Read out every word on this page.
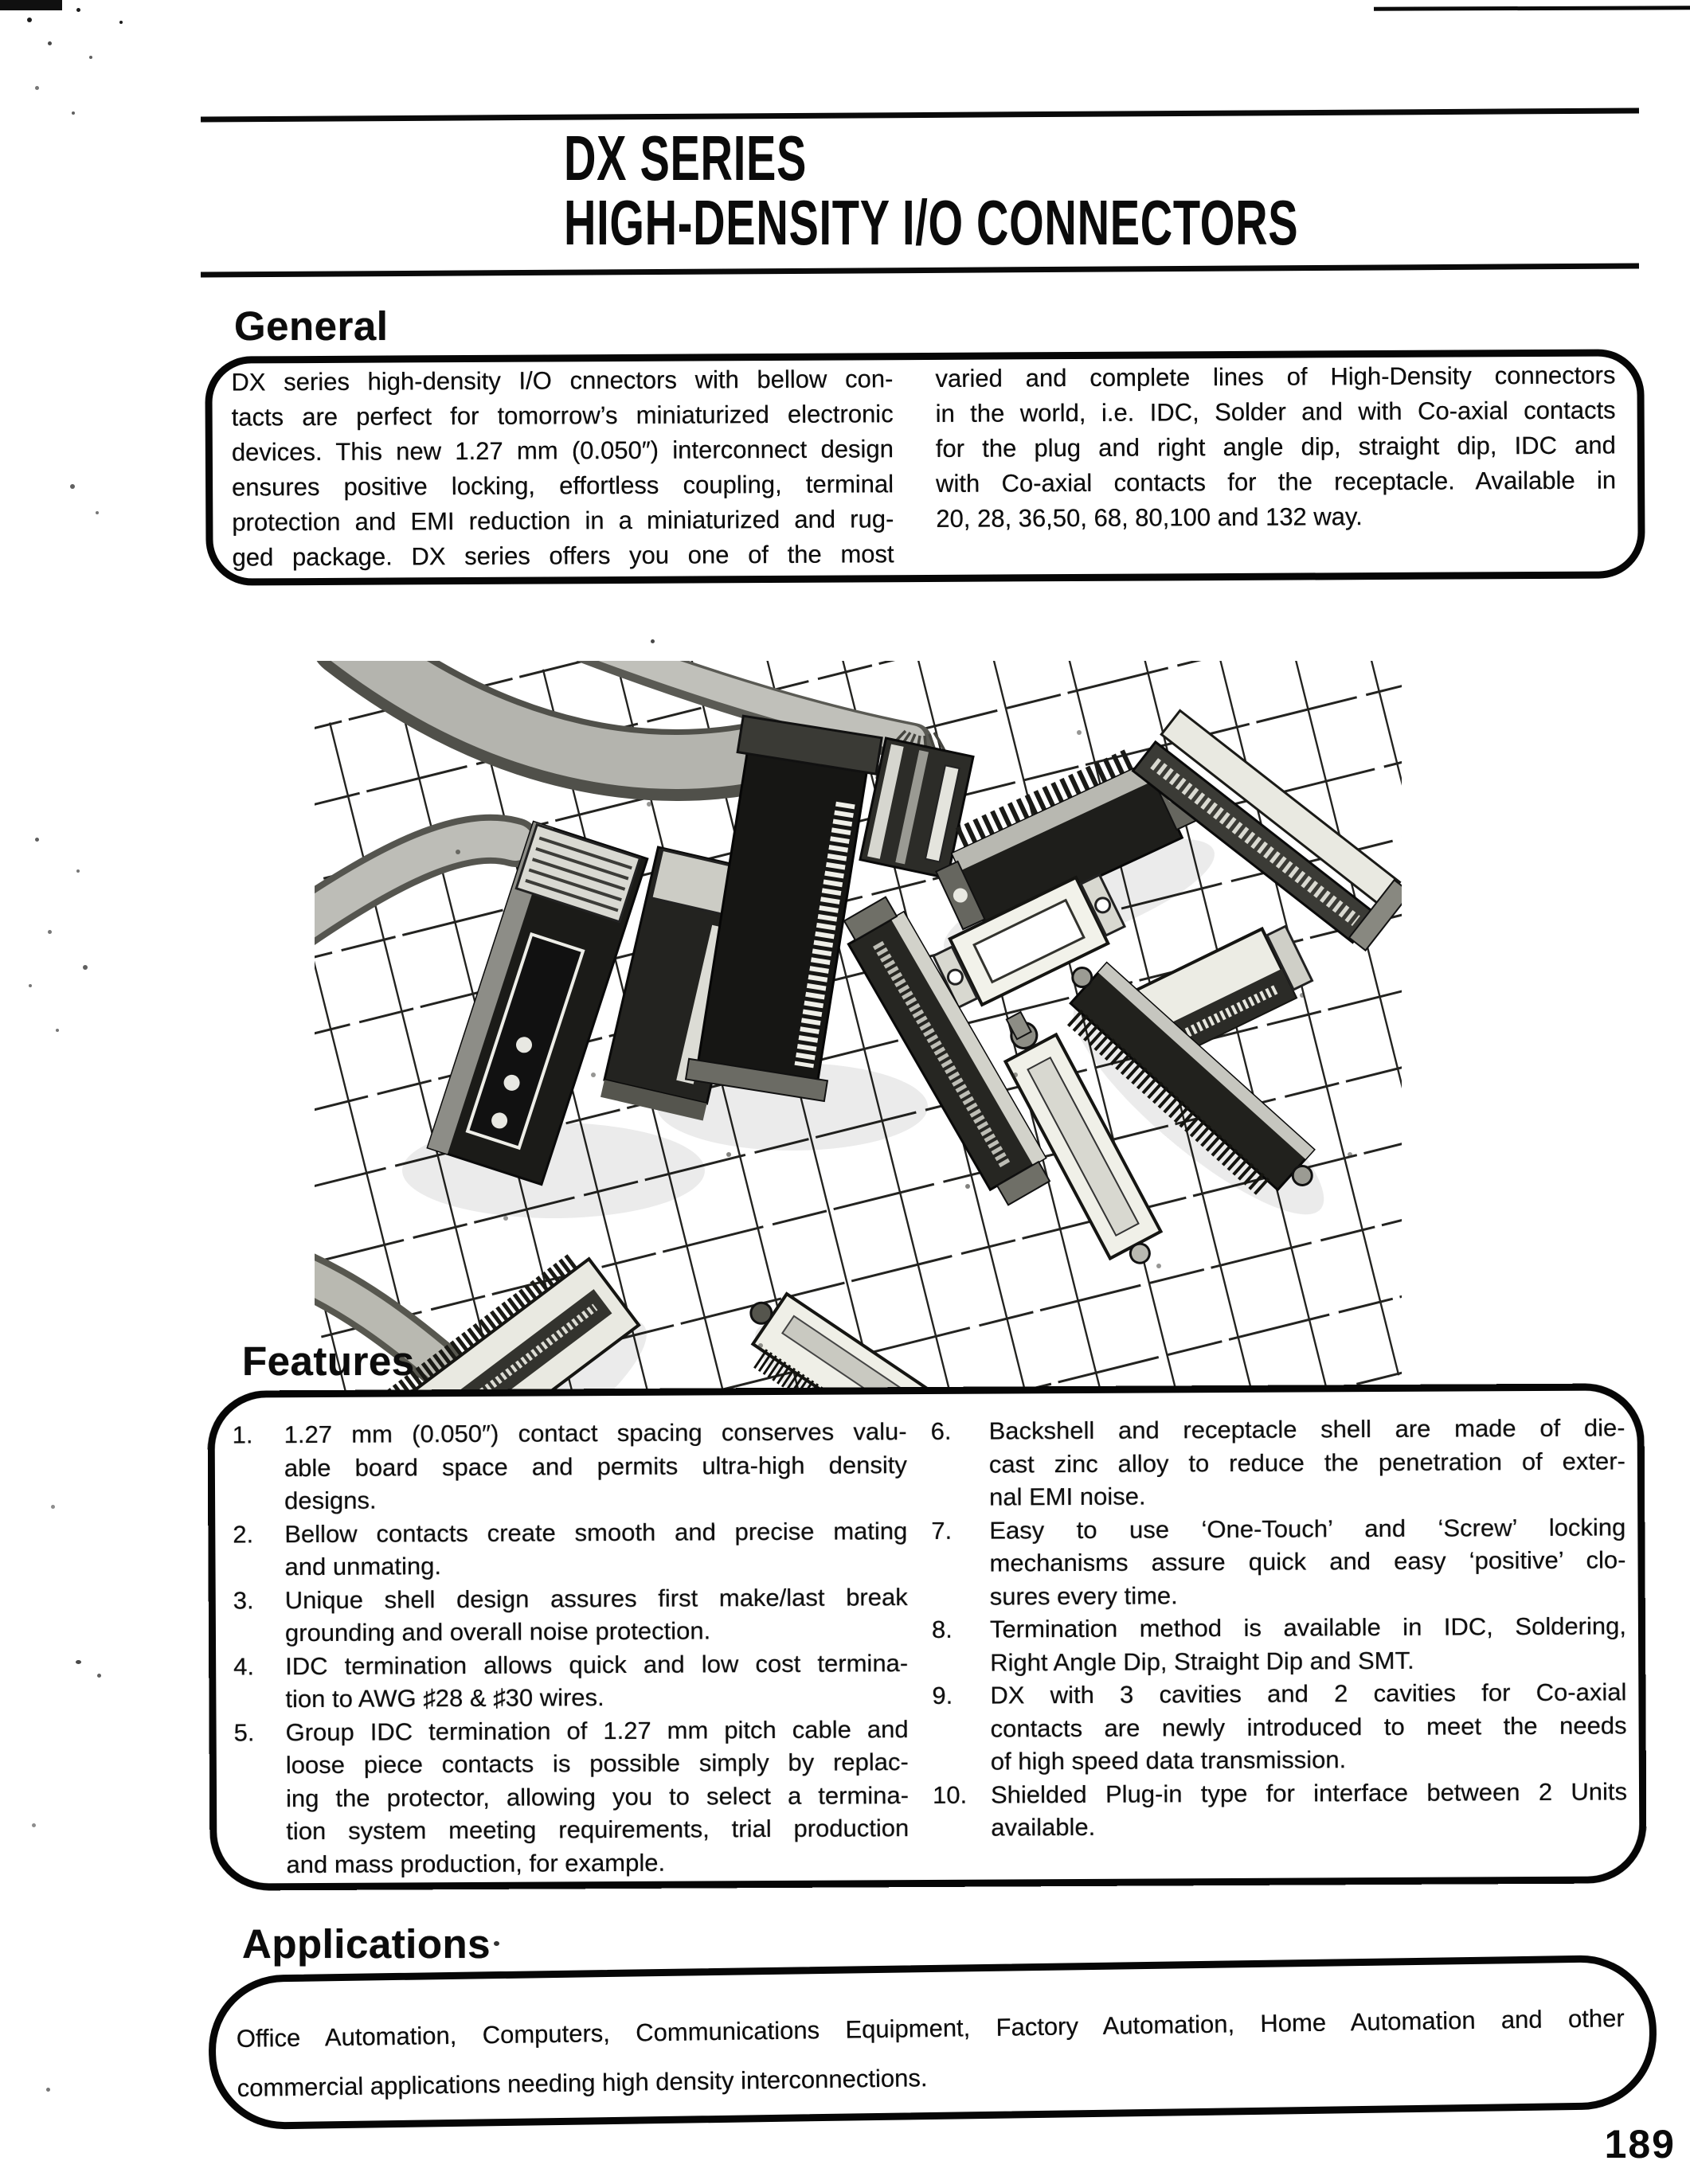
DX SERIES
HIGH-DENSITY I/O CONNECTORS
General
DX series high-density I/O cnnectors with bellow con-
tacts are perfect for tomorrow’s miniaturized electronic
devices. This new 1.27 mm (0.050″) interconnect design
ensures positive locking, effortless coupling, terminal
protection and EMI reduction in a miniaturized and rug-
ged package. DX series offers you one of the most
varied and complete lines of High-Density connectors
in the world, i.e. IDC, Solder and with Co-axial contacts
for the plug and right angle dip, straight dip, IDC and
with Co-axial contacts for the receptacle. Available in
20, 28, 36,50, 68, 80,100 and 132 way.
Features
1.	1.27 mm (0.050″) contact spacing conserves valu-
able board space and permits ultra-high density
designs.
2.	Bellow contacts create smooth and precise mating
and unmating.
3.	Unique shell design assures first make/last break
grounding and overall noise protection.
4.	IDC termination allows quick and low cost termina-
tion to AWG ♯28 & ♯30 wires.
5.	Group IDC termination of 1.27 mm pitch cable and
loose piece contacts is possible simply by replac-
ing the protector, allowing you to select a termina-
tion system meeting requirements, trial production
and mass production, for example.
6.	Backshell and receptacle shell are made of die-
cast zinc alloy to reduce the penetration of exter-
nal EMI noise.
7.	Easy to use ‘One-Touch’ and ‘Screw’ locking
mechanisms assure quick and easy ‘positive’ clo-
sures every time.
8.	Termination method is available in IDC, Soldering,
Right Angle Dip, Straight Dip and SMT.
9.	DX with 3 cavities and 2 cavities for Co-axial
contacts are newly introduced to meet the needs
of high speed data transmission.
10. Shielded Plug-in type for interface between 2 Units
available.
Applications
Office Automation, Computers, Communications Equipment, Factory Automation, Home Automation and other
commercial applications needing high density interconnections.
189
